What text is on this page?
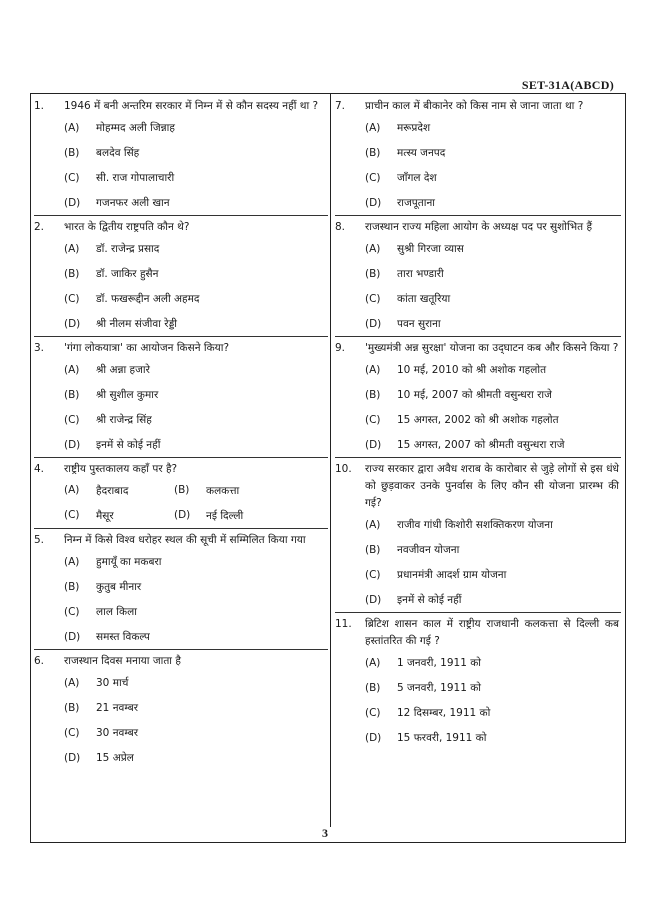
SET-31A(ABCD)
1.	1946 में बनी अन्तरिम सरकार में निम्न में से कौन सदस्य नहीं था ?
(A)	मोहम्मद अली जिन्नाह
(B)	बलदेव सिंह
(C)	सी. राज गोपालाचारी
(D)	गजनफर अली खान
2.	भारत के द्वितीय राष्ट्रपति कौन थे?
(A)	डॉ. राजेन्द्र प्रसाद
(B)	डॉ. जाकिर हुसैन
(C)	डॉ. फखरूद्दीन अली अहमद
(D)	श्री नीलम संजीवा रेड्डी
3.	'गंगा लोकयात्रा' का आयोजन किसने किया?
(A)	श्री अन्ना हजारे
(B)	श्री सुशील कुमार
(C)	श्री राजेन्द्र सिंह
(D)	इनमें से कोई नहीं
4.	राष्ट्रीय पुस्तकालय कहाँ पर है?
(A)	हैदराबाद	(B)	कलकत्ता
(C)	मैसूर	(D)	नई दिल्ली
5.	निम्न में किसे विश्व धरोहर स्थल की सूची में सम्मिलित किया गया
(A)	हुमायूँ का मकबरा
(B)	कुतुब मीनार
(C)	लाल किला
(D)	समस्त विकल्प
6.	राजस्थान दिवस मनाया जाता है
(A)	30 मार्च
(B)	21 नवम्बर
(C)	30 नवम्बर
(D)	15 अप्रेल
7.	प्राचीन काल में बीकानेर को किस नाम से जाना जाता था ?
(A)	मरूप्रदेश
(B)	मत्स्य जनपद
(C)	जाँगल देश
(D)	राजपूताना
8.	राजस्थान राज्य महिला आयोग के अध्यक्ष पद पर सुशोभित हैं
(A)	सुश्री गिरजा व्यास
(B)	तारा भण्डारी
(C)	कांता खतूरिया
(D)	पवन सुराना
9.	'मुख्यमंत्री अन्न सुरक्षा' योजना का उद्‌घाटन कब और किसने किया ?
(A)	10 मई, 2010 को श्री अशोक गहलोत
(B)	10 मई, 2007 को श्रीमती वसुन्धरा राजे
(C)	15 अगस्त, 2002 को श्री अशोक गहलोत
(D)	15 अगस्त, 2007 को श्रीमती वसुन्धरा राजे
10.	राज्य सरकार द्वारा अवैध शराब के कारोबार से जुड़े लोगों से इस धंधे को छुड़वाकर उनके पुनर्वास के लिए कौन सी योजना प्रारम्भ की गई?
(A)	राजीव गांधी किशोरी सशक्तिकरण योजना
(B)	नवजीवन योजना
(C)	प्रधानमंत्री आदर्श ग्राम योजना
(D)	इनमें से कोई नहीं
11.	ब्रिटिश शासन काल में राष्ट्रीय राजधानी कलकत्ता से दिल्ली कब हस्तांतरित की गई ?
(A)	1 जनवरी, 1911 को
(B)	5 जनवरी, 1911 को
(C)	12 दिसम्बर, 1911 को
(D)	15 फरवरी, 1911 को
3
